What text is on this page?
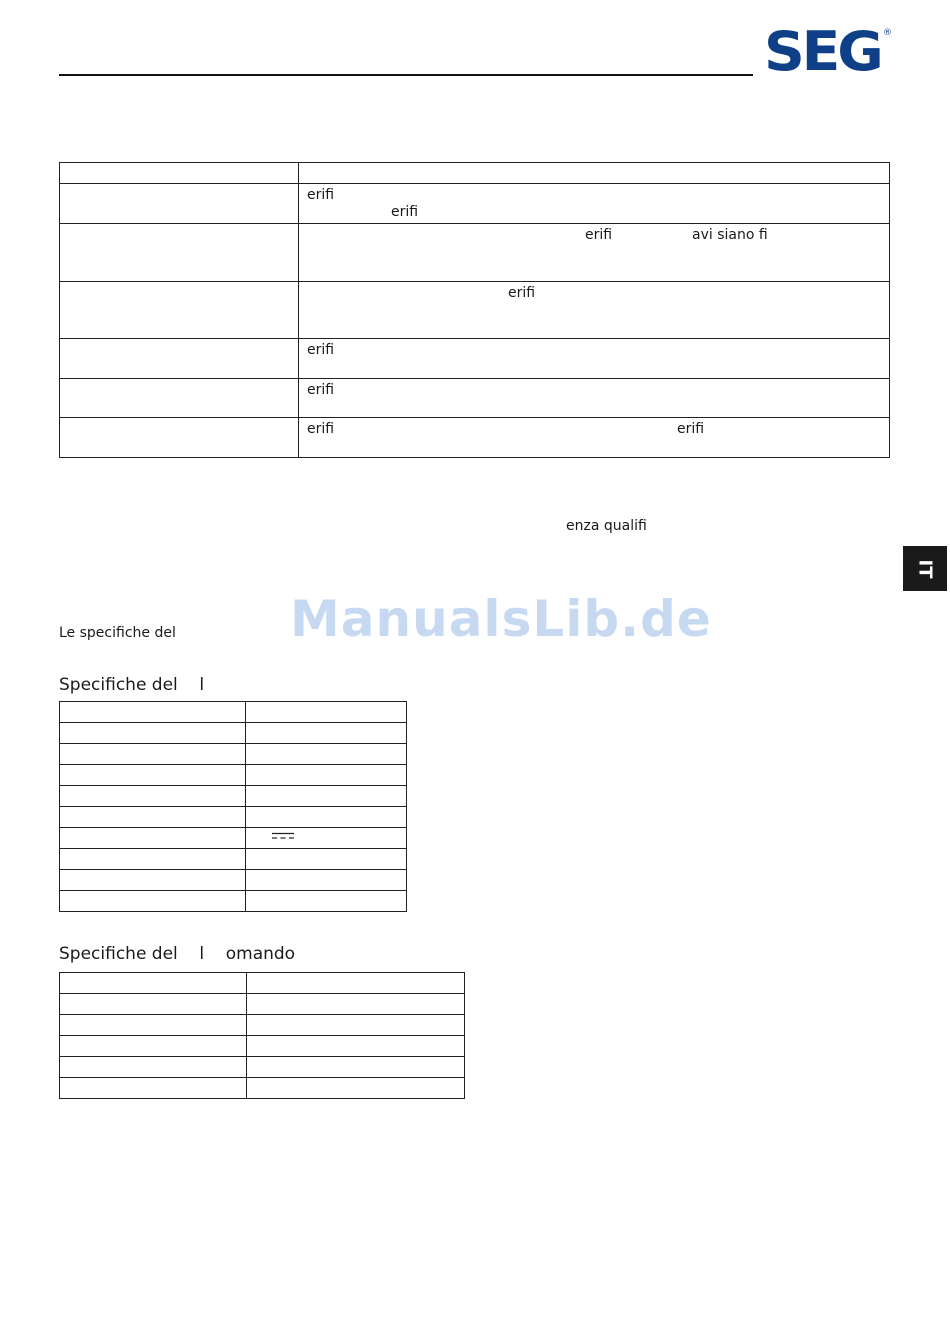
SEG ®

	erifi
erifi

	erifi avi siano fi

	erifi

	erifi

	erifi

	erifi erifi
enza qualifi
IT
ManualsLib.de
Le specifiche del
Specifiche del    l

Specifiche del    l    omando
